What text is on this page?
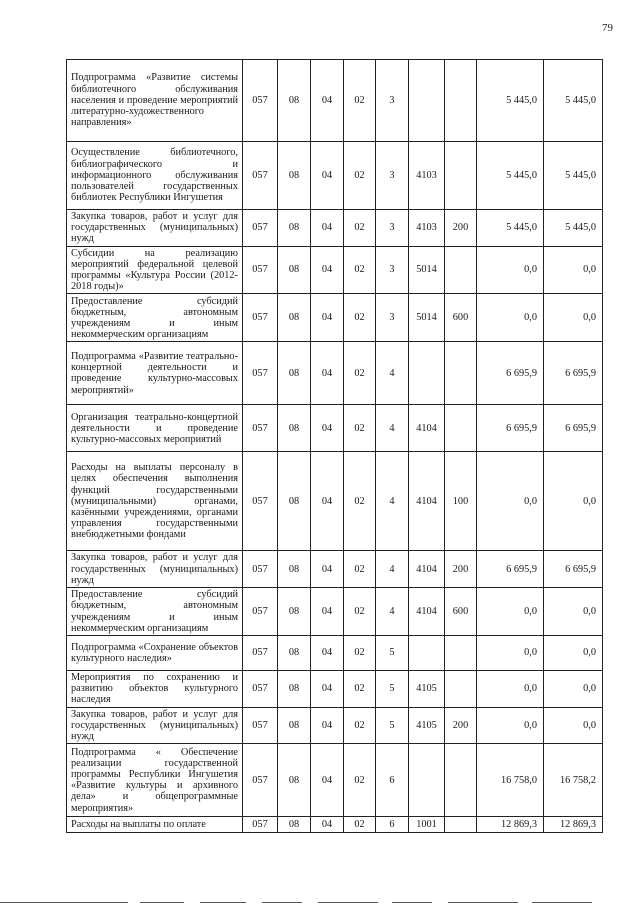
79
Подпрограмма «Развитие системы библиотечного обслуживания населения и проведение мероприятий литературно-художественного направления»	057	08	04	02	3			5 445,0	5 445,0
Осуществление библиотечного, библиографического и информационного обслуживания пользователей государственных библиотек Республики Ингушетия	057	08	04	02	3	4103		5 445,0	5 445,0
Закупка товаров, работ и услуг для государственных (муниципальных) нужд	057	08	04	02	3	4103	200	5 445,0	5 445,0
Субсидии на реализацию мероприятий федеральной целевой программы «Культура России (2012-2018 годы)»	057	08	04	02	3	5014		0,0	0,0
Предоставление субсидий бюджетным, автономным учреждениям и иным некоммерческим организациям	057	08	04	02	3	5014	600	0,0	0,0
Подпрограмма «Развитие театрально-концертной деятельности и проведение культурно-массовых мероприятий»	057	08	04	02	4			6 695,9	6 695,9
Организация театрально-концертной деятельности и проведение культурно-массовых мероприятий	057	08	04	02	4	4104		6 695,9	6 695,9
Расходы на выплаты персоналу в целях обеспечения выполнения функций государственными (муниципальными) органами, казёнными учреждениями, органами управления государственными внебюджетными фондами	057	08	04	02	4	4104	100	0,0	0,0
Закупка товаров, работ и услуг для государственных (муниципальных) нужд	057	08	04	02	4	4104	200	6 695,9	6 695,9
Предоставление субсидий бюджетным, автономным учреждениям и иным некоммерческим организациям	057	08	04	02	4	4104	600	0,0	0,0
Подпрограмма «Сохранение объектов культурного наследия»	057	08	04	02	5			0,0	0,0
Мероприятия по сохранению и развитию объектов культурного наследия	057	08	04	02	5	4105		0,0	0,0
Закупка товаров, работ и услуг для государственных (муниципальных) нужд	057	08	04	02	5	4105	200	0,0	0,0
Подпрограмма « Обеспечение реализации государственной программы Республики Ингушетия «Развитие культуры и архивного дела» и общепрограммные мероприятия»	057	08	04	02	6			16 758,0	16 758,2
Расходы на выплаты по оплате	057	08	04	02	6	1001		12 869,3	12 869,3
